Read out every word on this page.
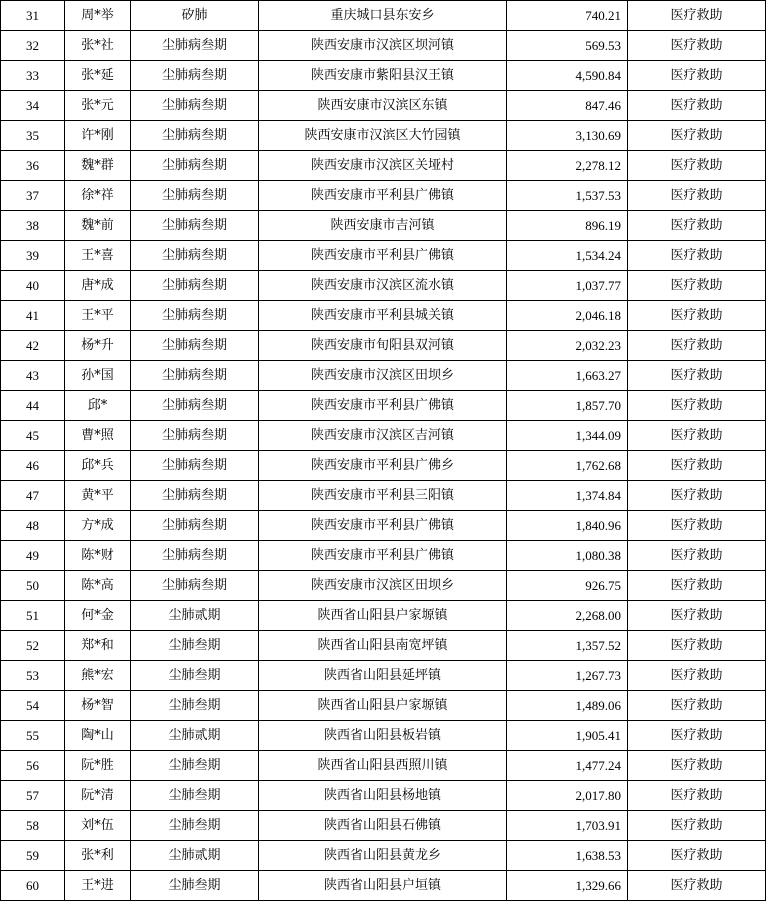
31	周*举	矽肺	重庆城口县东安乡	740.21	医疗救助
32	张*社	尘肺病叁期	陕西安康市汉滨区坝河镇	569.53	医疗救助
33	张*延	尘肺病叁期	陕西安康市紫阳县汉王镇	4,590.84	医疗救助
34	张*元	尘肺病叁期	陕西安康市汉滨区东镇	847.46	医疗救助
35	许*刚	尘肺病叁期	陕西安康市汉滨区大竹园镇	3,130.69	医疗救助
36	魏*群	尘肺病叁期	陕西安康市汉滨区关垭村	2,278.12	医疗救助
37	徐*祥	尘肺病叁期	陕西安康市平利县广佛镇	1,537.53	医疗救助
38	魏*前	尘肺病叁期	陕西安康市吉河镇	896.19	医疗救助
39	王*喜	尘肺病叁期	陕西安康市平利县广佛镇	1,534.24	医疗救助
40	唐*成	尘肺病叁期	陕西安康市汉滨区流水镇	1,037.77	医疗救助
41	王*平	尘肺病叁期	陕西安康市平利县城关镇	2,046.18	医疗救助
42	杨*升	尘肺病叁期	陕西安康市旬阳县双河镇	2,032.23	医疗救助
43	孙*国	尘肺病叁期	陕西安康市汉滨区田坝乡	1,663.27	医疗救助
44	邱*	尘肺病叁期	陕西安康市平利县广佛镇	1,857.70	医疗救助
45	曹*照	尘肺病叁期	陕西安康市汉滨区吉河镇	1,344.09	医疗救助
46	邱*兵	尘肺病叁期	陕西安康市平利县广佛乡	1,762.68	医疗救助
47	黄*平	尘肺病叁期	陕西安康市平利县三阳镇	1,374.84	医疗救助
48	方*成	尘肺病叁期	陕西安康市平利县广佛镇	1,840.96	医疗救助
49	陈*财	尘肺病叁期	陕西安康市平利县广佛镇	1,080.38	医疗救助
50	陈*高	尘肺病叁期	陕西安康市汉滨区田坝乡	926.75	医疗救助
51	何*金	尘肺贰期	陕西省山阳县户家塬镇	2,268.00	医疗救助
52	郑*和	尘肺叁期	陕西省山阳县南宽坪镇	1,357.52	医疗救助
53	熊*宏	尘肺叁期	陕西省山阳县延坪镇	1,267.73	医疗救助
54	杨*智	尘肺叁期	陕西省山阳县户家塬镇	1,489.06	医疗救助
55	陶*山	尘肺贰期	陕西省山阳县板岩镇	1,905.41	医疗救助
56	阮*胜	尘肺叁期	陕西省山阳县西照川镇	1,477.24	医疗救助
57	阮*清	尘肺叁期	陕西省山阳县杨地镇	2,017.80	医疗救助
58	刘*伍	尘肺叁期	陕西省山阳县石佛镇	1,703.91	医疗救助
59	张*利	尘肺贰期	陕西省山阳县黄龙乡	1,638.53	医疗救助
60	王*进	尘肺叁期	陕西省山阳县户垣镇	1,329.66	医疗救助
